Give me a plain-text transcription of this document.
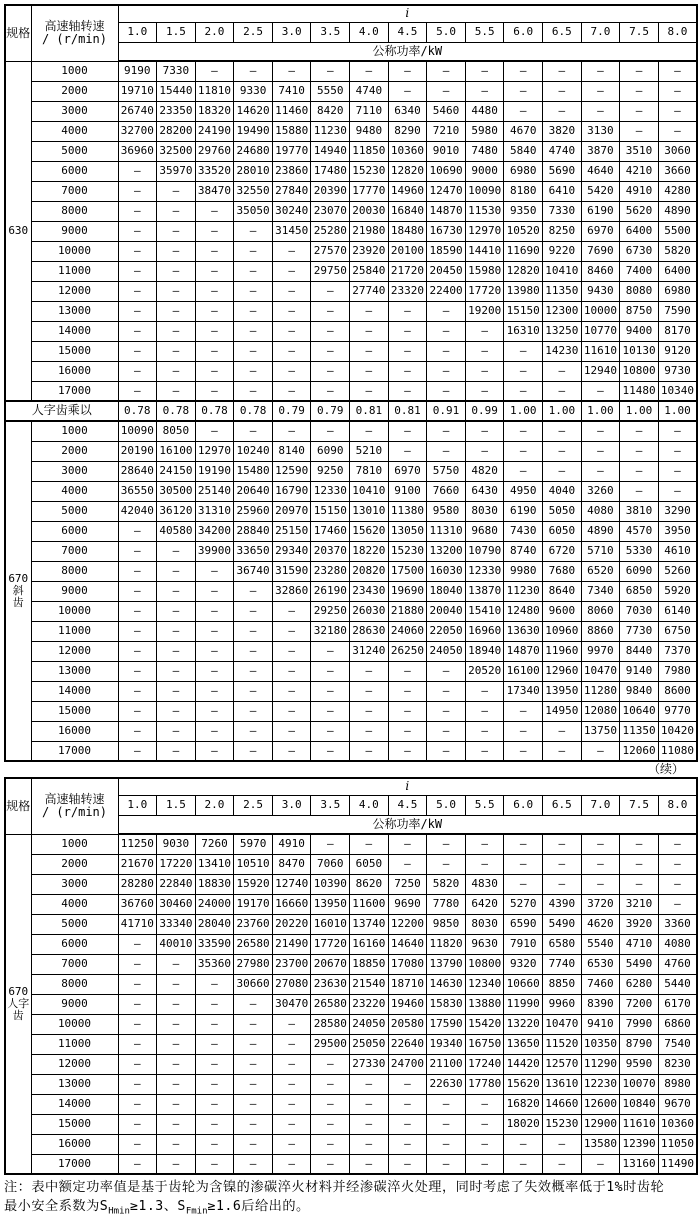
规格	高速轴转速
/ (r/min)	i														
		1.0	1.5	2.0	2.5	3.0	3.5	4.0	4.5	5.0	5.5	6.0	6.5	7.0	7.5	8.0
		公称功率/kW														

630	1000	9190	7330	—	—	—	—	—	—	—	—	—	—	—	—	—
	2000	19710	15440	11810	9330	7410	5550	4740	—	—	—	—	—	—	—	—
	3000	26740	23350	18320	14620	11460	8420	7110	6340	5460	4480	—	—	—	—	—
	4000	32700	28200	24190	19490	15880	11230	9480	8290	7210	5980	4670	3820	3130	—	—
	5000	36960	32500	29760	24680	19770	14940	11850	10360	9010	7480	5840	4740	3870	3510	3060
	6000	—	35970	33520	28010	23860	17480	15230	12820	10690	9000	6980	5690	4640	4210	3660
	7000	—	—	38470	32550	27840	20390	17770	14960	12470	10090	8180	6410	5420	4910	4280
	8000	—	—	—	35050	30240	23070	20030	16840	14870	11530	9350	7330	6190	5620	4890
	9000	—	—	—	—	31450	25280	21980	18480	16730	12970	10520	8250	6970	6400	5500
	10000	—	—	—	—	—	27570	23920	20100	18590	14410	11690	9220	7690	6730	5820
	11000	—	—	—	—	—	29750	25840	21720	20450	15980	12820	10410	8460	7400	6400
	12000	—	—	—	—	—	—	27740	23320	22400	17720	13980	11350	9430	8080	6980
	13000	—	—	—	—	—	—	—	—	—	19200	15150	12300	10000	8750	7590
	14000	—	—	—	—	—	—	—	—	—	—	16310	13250	10770	9400	8170
	15000	—	—	—	—	—	—	—	—	—	—	—	14230	11610	10130	9120
	16000	—	—	—	—	—	—	—	—	—	—	—	—	12940	10800	9730
	17000	—	—	—	—	—	—	—	—	—	—	—	—	—	11480	10340
人字齿乘以		0.78	0.78	0.78	0.78	0.79	0.79	0.81	0.81	0.91	0.99	1.00	1.00	1.00	1.00	1.00

670
斜
齿	1000	10090	8050	—	—	—	—	—	—	—	—	—	—	—	—	—
	2000	20190	16100	12970	10240	8140	6090	5210	—	—	—	—	—	—	—	—
	3000	28640	24150	19190	15480	12590	9250	7810	6970	5750	4820	—	—	—	—	—
	4000	36550	30500	25140	20640	16790	12330	10410	9100	7660	6430	4950	4040	3260	—	—
	5000	42040	36120	31310	25960	20970	15150	13010	11380	9580	8030	6190	5050	4080	3810	3290
	6000	—	40580	34200	28840	25150	17460	15620	13050	11310	9680	7430	6050	4890	4570	3950
	7000	—	—	39900	33650	29340	20370	18220	15230	13200	10790	8740	6720	5710	5330	4610
	8000	—	—	—	36740	31590	23280	20820	17500	16030	12330	9980	7680	6520	6090	5260
	9000	—	—	—	—	32860	26190	23430	19690	18040	13870	11230	8640	7340	6850	5920
	10000	—	—	—	—	—	29250	26030	21880	20040	15410	12480	9600	8060	7030	6140
	11000	—	—	—	—	—	32180	28630	24060	22050	16960	13630	10960	8860	7730	6750
	12000	—	—	—	—	—	—	31240	26250	24050	18940	14870	11960	9970	8440	7370
	13000	—	—	—	—	—	—	—	—	—	20520	16100	12960	10470	9140	7980
	14000	—	—	—	—	—	—	—	—	—	—	17340	13950	11280	9840	8600
	15000	—	—	—	—	—	—	—	—	—	—	—	14950	12080	10640	9770
	16000	—	—	—	—	—	—	—	—	—	—	—	—	13750	11350	10420
	17000	—	—	—	—	—	—	—	—	—	—	—	—	—	12060	11080
（续）
规格	高速轴转速
/ (r/min)	i														
		1.0	1.5	2.0	2.5	3.0	3.5	4.0	4.5	5.0	5.5	6.0	6.5	7.0	7.5	8.0
		公称功率/kW														

670
人字
齿	1000	11250	9030	7260	5970	4910	—	—	—	—	—	—	—	—	—	—
	2000	21670	17220	13410	10510	8470	7060	6050	—	—	—	—	—	—	—	—
	3000	28280	22840	18830	15920	12740	10390	8620	7250	5820	4830	—	—	—	—	—
	4000	36760	30460	24000	19170	16660	13950	11600	9690	7780	6420	5270	4390	3720	3210	—
	5000	41710	33340	28040	23760	20220	16010	13740	12200	9850	8030	6590	5490	4620	3920	3360
	6000	—	40010	33590	26580	21490	17720	16160	14640	11820	9630	7910	6580	5540	4710	4080
	7000	—	—	35360	27980	23700	20670	18850	17080	13790	10800	9320	7740	6530	5490	4760
	8000	—	—	—	30660	27080	23630	21540	18710	14630	12340	10660	8850	7460	6280	5440
	9000	—	—	—	—	30470	26580	23220	19460	15830	13880	11990	9960	8390	7200	6170
	10000	—	—	—	—	—	28580	24050	20580	17590	15420	13220	10470	9410	7990	6860
	11000	—	—	—	—	—	29500	25050	22640	19340	16750	13650	11520	10350	8790	7540
	12000	—	—	—	—	—	—	27330	24700	21100	17240	14420	12570	11290	9590	8230
	13000	—	—	—	—	—	—	—	—	22630	17780	15620	13610	12230	10070	8980
	14000	—	—	—	—	—	—	—	—	—	—	16820	14660	12600	10840	9670
	15000	—	—	—	—	—	—	—	—	—	—	18020	15230	12900	11610	10360
	16000	—	—	—	—	—	—	—	—	—	—	—	—	13580	12390	11050
	17000	—	—	—	—	—	—	—	—	—	—	—	—	—	13160	11490
注：表中额定功率值是基于齿轮为含镍的渗碳淬火材料并经渗碳淬火处理，同时考虑了失效概率低于1%时齿轮
最小安全系数为$S_{Hmin}\ge 1.3$、$S_{Fmin}\ge 1.6$后给出的。
